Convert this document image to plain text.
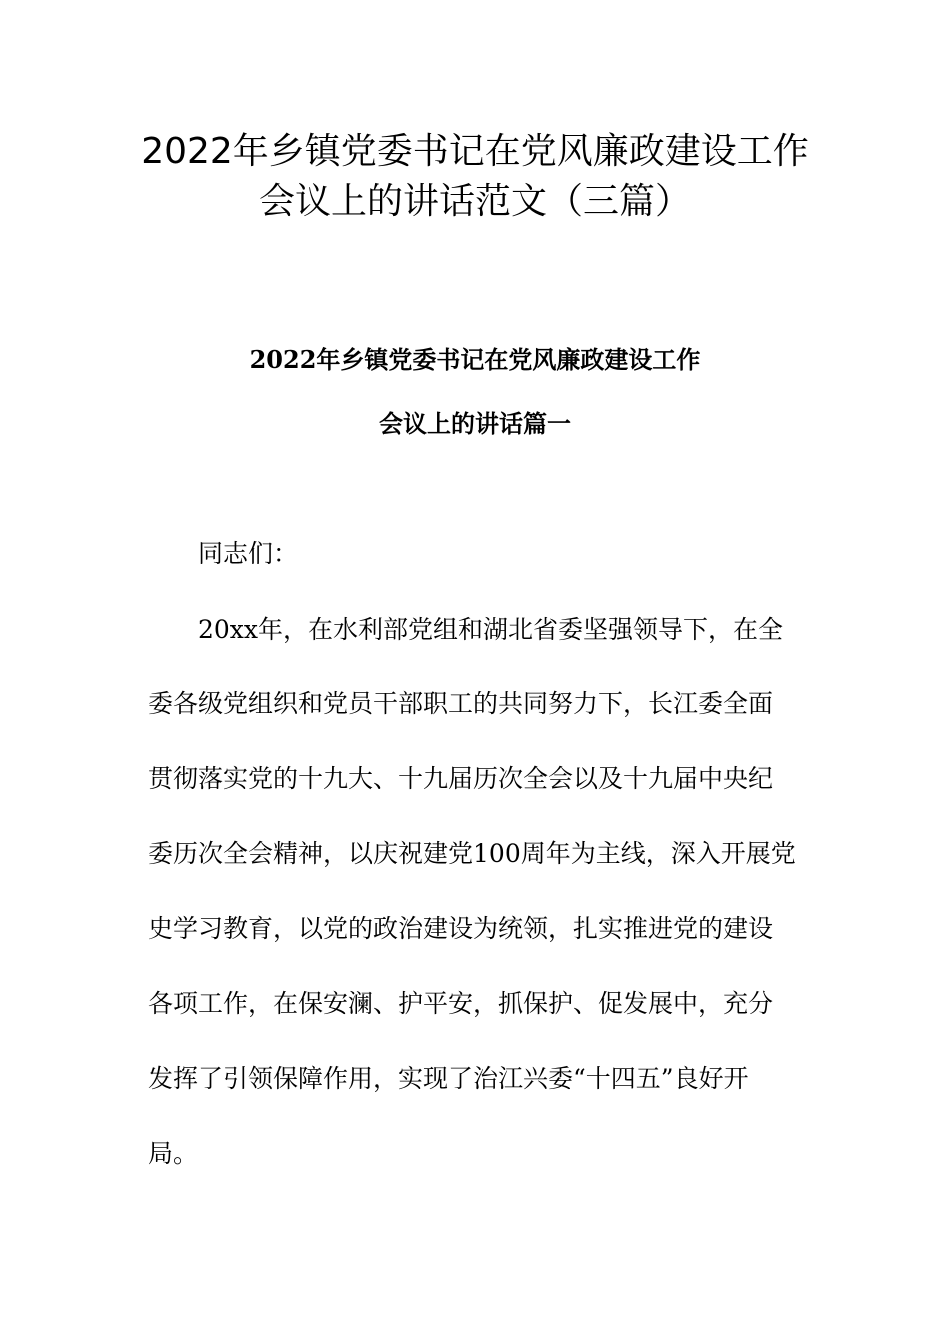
2022年乡镇党委书记在党风廉政建设工作
会议上的讲话范文（三篇）
2022年乡镇党委书记在党风廉政建设工作
会议上的讲话篇一

同志们：

20xx年，在水利部党组和湖北省委坚强领导下，在全

委各级党组织和党员干部职工的共同努力下，长江委全面

贯彻落实党的十九大、十九届历次全会以及十九届中央纪

委历次全会精神，以庆祝建党100周年为主线，深入开展党

史学习教育，以党的政治建设为统领，扎实推进党的建设

各项工作，在保安澜、护平安，抓保护、促发展中，充分

发挥了引领保障作用，实现了治江兴委“十四五”良好开

局。
